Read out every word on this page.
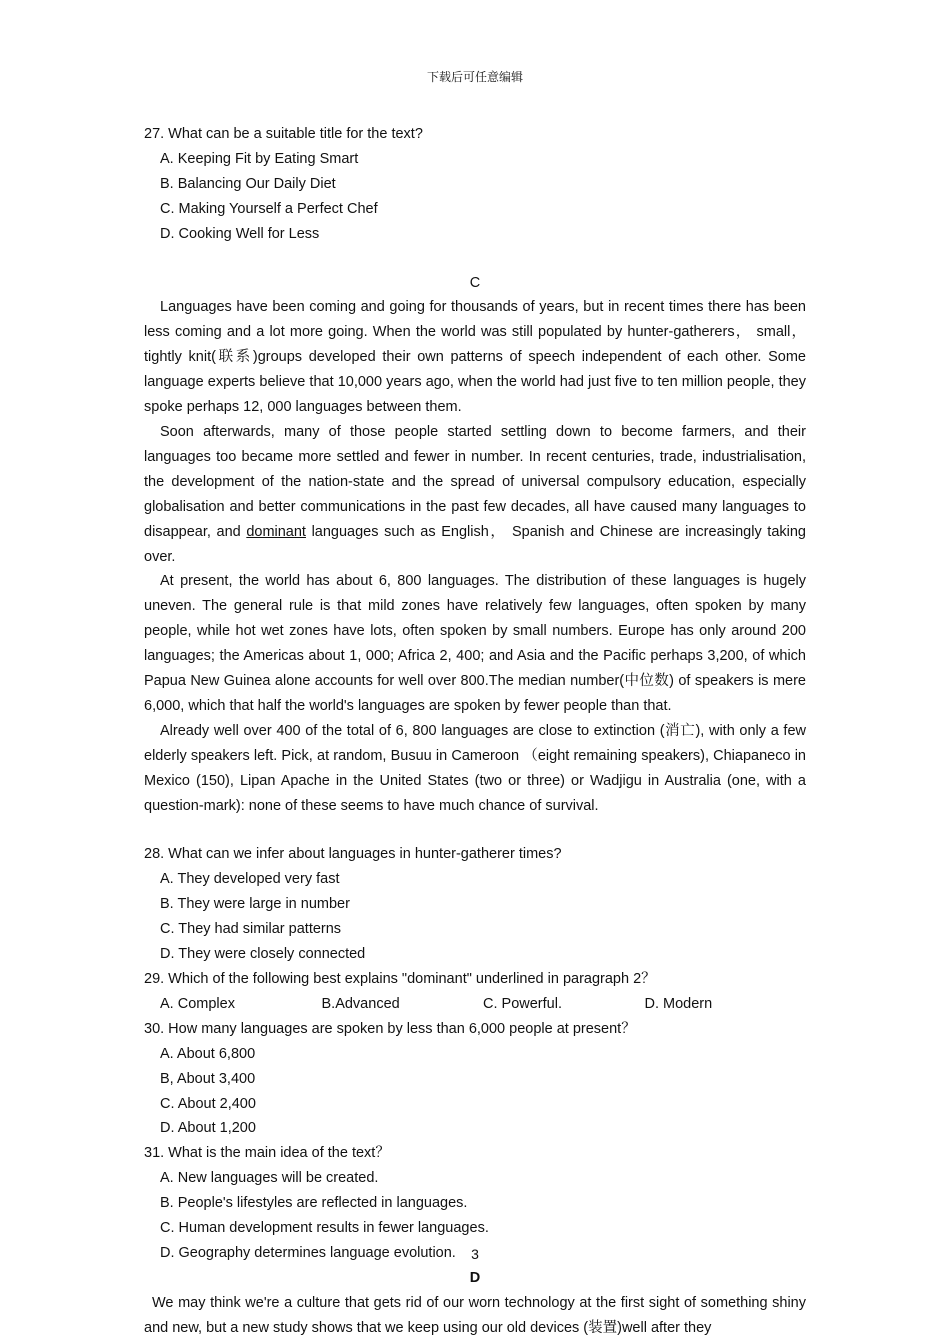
下载后可任意编辑

27. What can be a suitable title for the text?

A. Keeping Fit by Eating Smart
B. Balancing Our Daily Diet
C. Making Yourself a Perfect Chef
D. Cooking Well for Less
C

Languages have been coming and going for thousands of years, but in recent times there has been less coming and a lot more going. When the world was still populated by hunter-gatherers， small， tightly knit(联系)groups developed their own patterns of speech independent of each other. Some language experts believe that 10,000 years ago, when the world had just five to ten million people, they spoke perhaps 12, 000 languages between them.

Soon afterwards, many of those people started settling down to become farmers, and their languages too became more settled and fewer in number. In recent centuries, trade, industrialisation, the development of the nation-state and the spread of universal compulsory education, especially globalisation and better communications in the past few decades, all have caused many languages to disappear, and dominant languages such as English， Spanish and Chinese are increasingly taking over.

At present, the world has about 6, 800 languages. The distribution of these languages is hugely uneven. The general rule is that mild zones have relatively few languages, often spoken by many people, while hot wet zones have lots, often spoken by small numbers. Europe has only around 200 languages; the Americas about 1, 000; Africa 2, 400; and Asia and the Pacific perhaps 3,200, of which Papua New Guinea alone accounts for well over 800.The median number(中位数) of speakers is mere 6,000, which that half the world's languages are spoken by fewer people than that.

Already well over 400 of the total of 6, 800 languages are close to extinction (消亡), with only a few elderly speakers left. Pick, at random, Busuu in Cameroon （eight remaining speakers), Chiapaneco in Mexico (150), Lipan Apache in the United States (two or three) or Wadjigu in Australia (one, with a question-mark): none of these seems to have much chance of survival.

28. What can we infer about languages in hunter-gatherer times?

A. They developed very fast
B. They were large in number
C. They had similar patterns
D. They were closely connected

29. Which of the following best explains "dominant" underlined in paragraph 2？

A. Complex	B.Advanced	C. Powerful.	D. Modern

30. How many languages are spoken by less than 6,000 people at present？

A. About 6,800
B, About 3,400
C. About 2,400
D. About 1,200

31. What is the main idea of the text？

A. New languages will be created.
B. People's lifestyles are reflected in languages.
C. Human development results in fewer languages.
D. Geography determines language evolution.
D

We may think we're a culture that gets rid of our worn technology at the first sight of something shiny and new, but a new study shows that we keep using our old devices (装置)well after they

3
